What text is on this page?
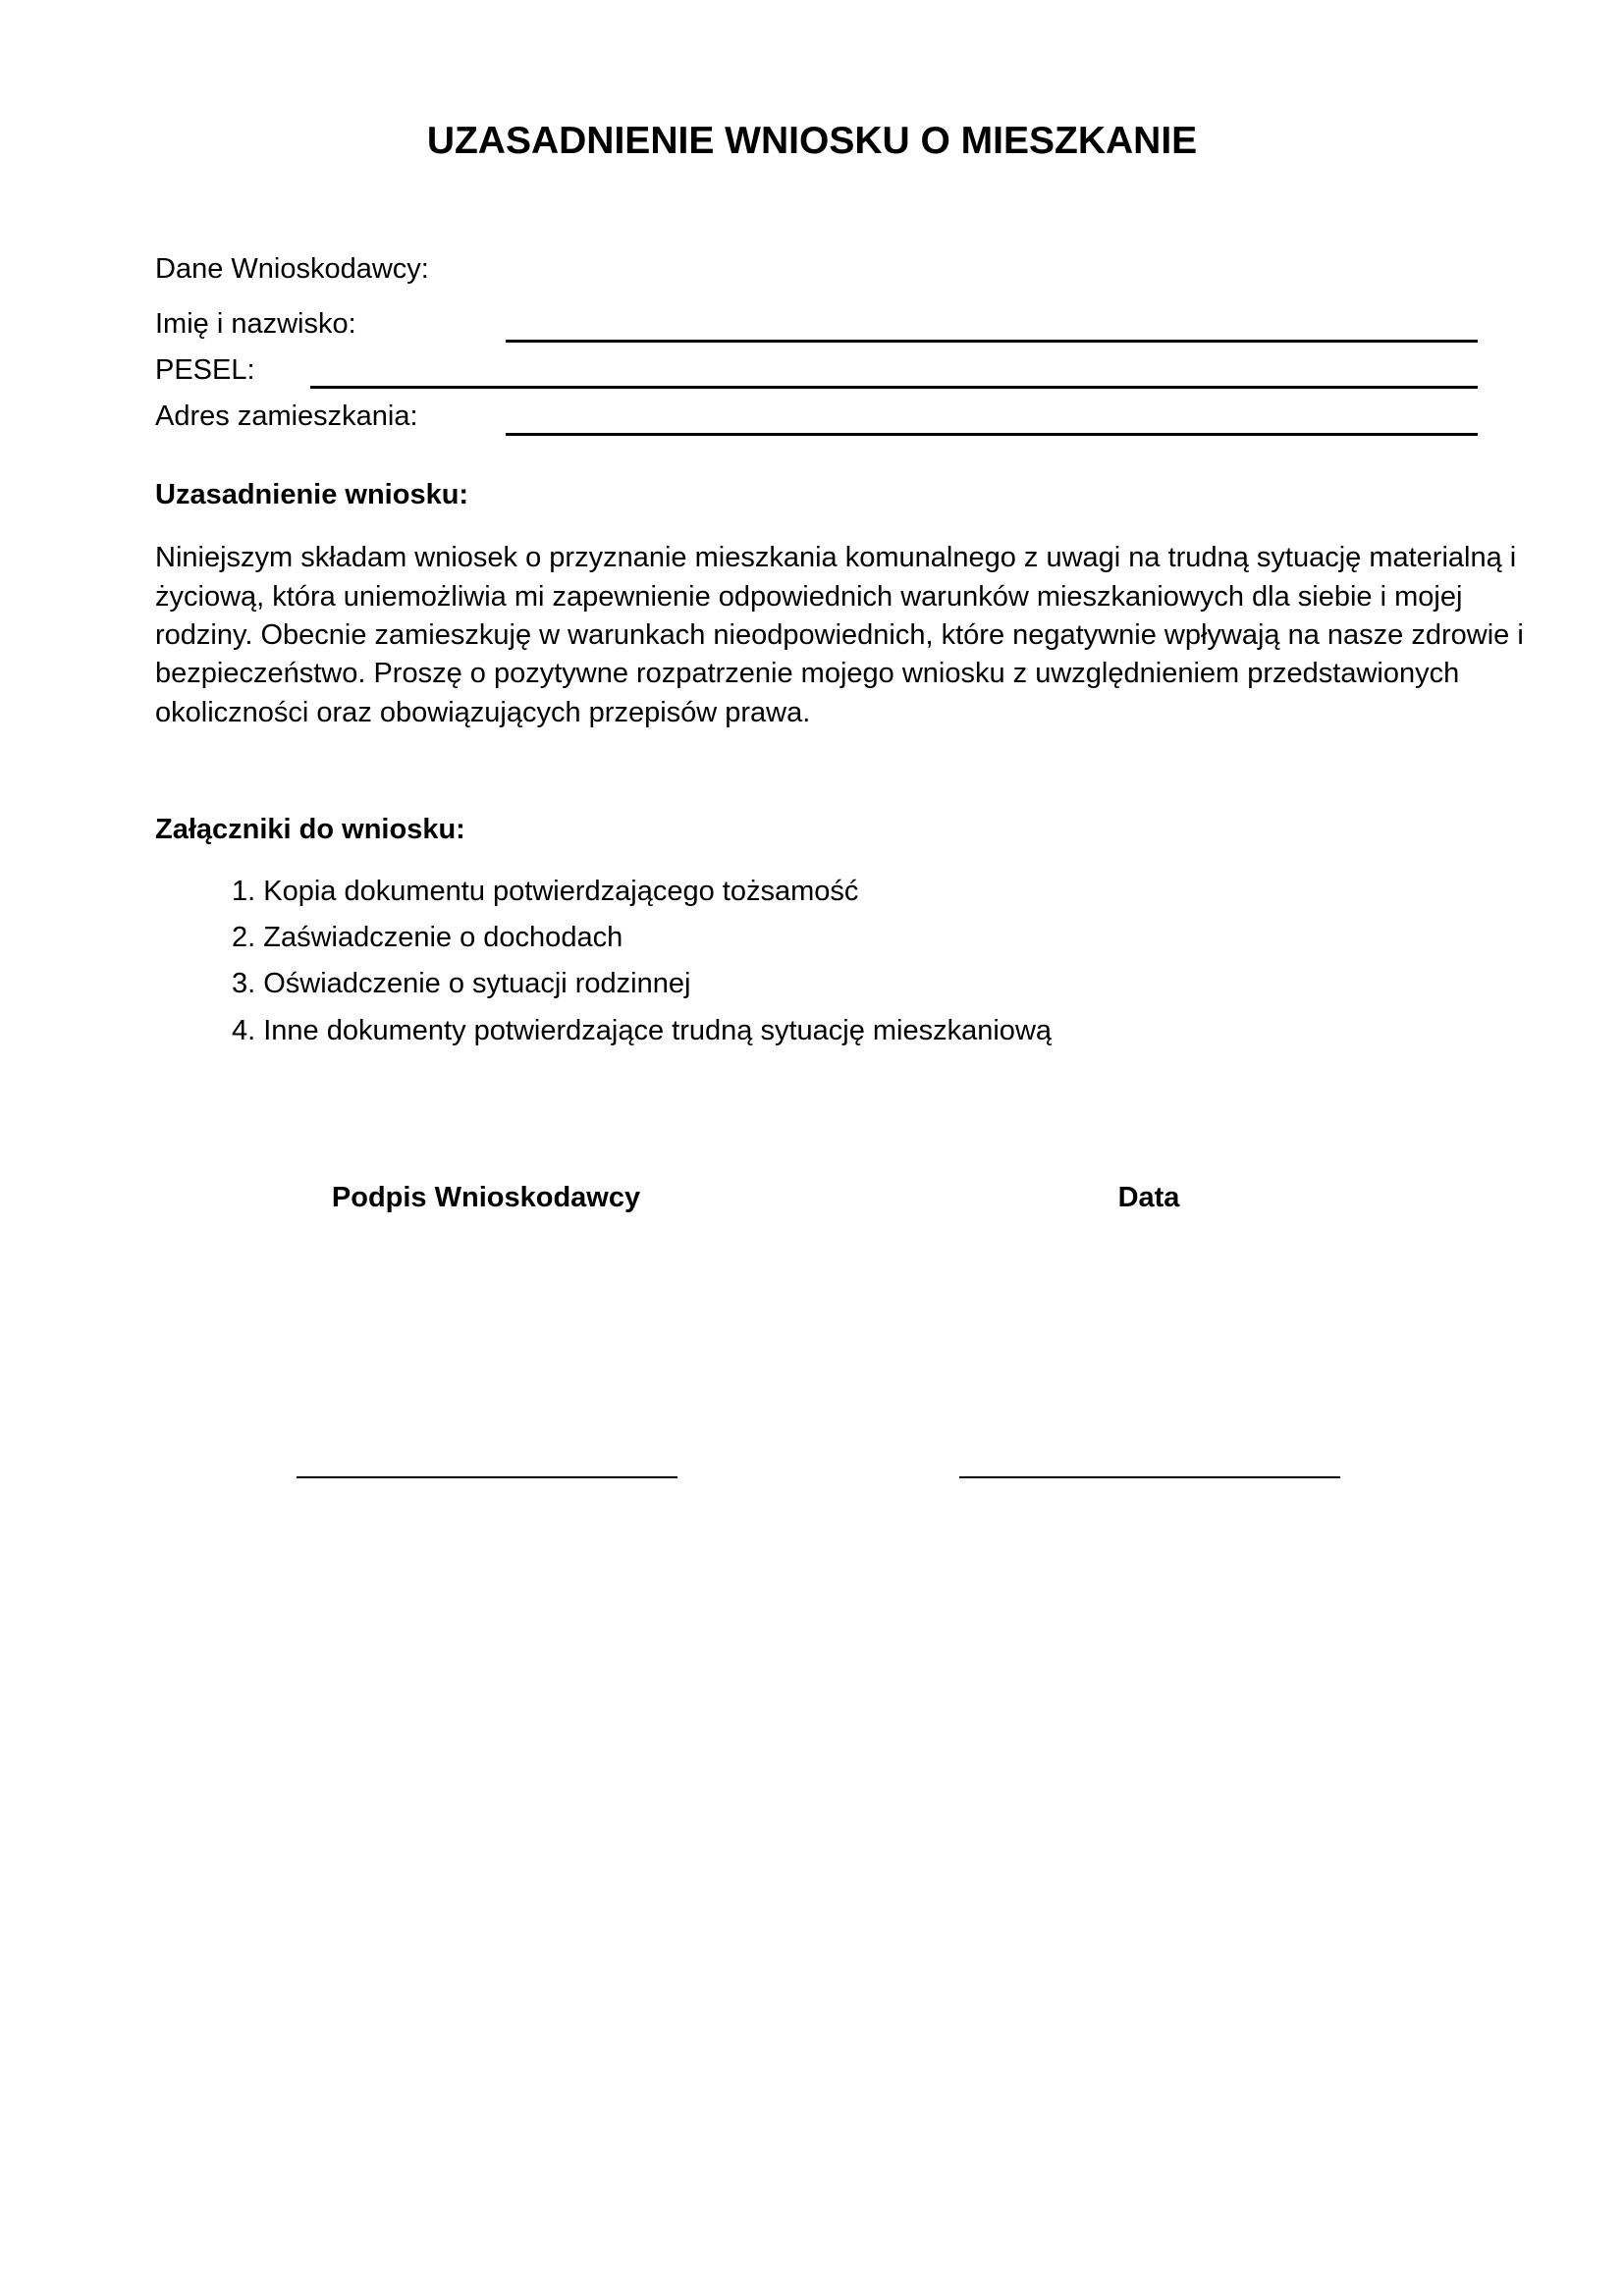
UZASADNIENIE WNIOSKU O MIESZKANIE
Dane Wnioskodawcy:
Imię i nazwisko:
PESEL:
Adres zamieszkania:
Uzasadnienie wniosku:
Niniejszym składam wniosek o przyznanie mieszkania komunalnego z uwagi na trudną sytuację materialną i
życiową, która uniemożliwia mi zapewnienie odpowiednich warunków mieszkaniowych dla siebie i mojej
rodziny. Obecnie zamieszkuję w warunkach nieodpowiednich, które negatywnie wpływają na nasze zdrowie i
bezpieczeństwo. Proszę o pozytywne rozpatrzenie mojego wniosku z uwzględnieniem przedstawionych
okoliczności oraz obowiązujących przepisów prawa.
Załączniki do wniosku:
1. Kopia dokumentu potwierdzającego tożsamość
2. Zaświadczenie o dochodach
3. Oświadczenie o sytuacji rodzinnej
4. Inne dokumenty potwierdzające trudną sytuację mieszkaniową
Podpis Wnioskodawcy	Data
